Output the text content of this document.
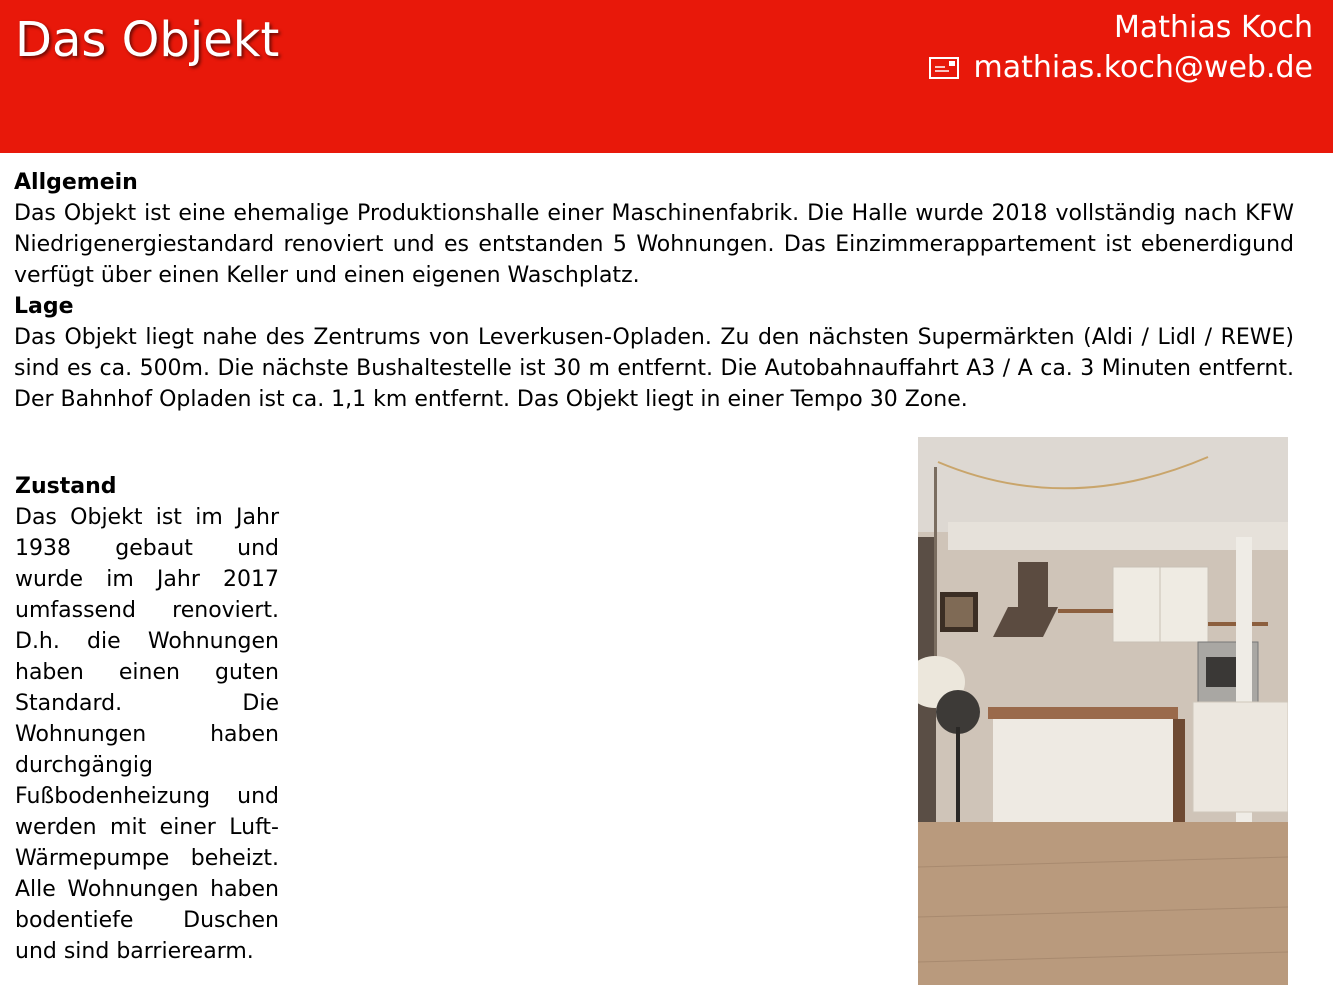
Das Objekt	Mathias Koch
mathias.koch@web.de
Allgemein
Das Objekt ist eine ehemalige Produktionshalle einer Maschinenfabrik. Die Halle wurde 2018 vollständig nach KFW Niedrigenergiestandard renoviert und es entstanden 5 Wohnungen. Das Einzimmerappartement ist ebenerdigund verfügt über einen Keller und einen eigenen Waschplatz.
Lage
Das Objekt liegt nahe des Zentrums von Leverkusen-Opladen. Zu den nächsten Supermärkten (Aldi / Lidl / REWE) sind es ca. 500m. Die nächste Bushaltestelle ist 30 m entfernt. Die Autobahnauffahrt A3 / A ca. 3 Minuten entfernt. Der Bahnhof Opladen ist ca. 1,1 km entfernt. Das Objekt liegt in einer Tempo 30 Zone.
Zustand
Das Objekt ist im Jahr 1938 gebaut und wurde im Jahr 2017 umfassend renoviert. D.h. die Wohnungen haben einen guten Standard. Die Wohnungen haben durchgängig Fußbodenheizung und werden mit einer Luft-Wärmepumpe beheizt. Alle Wohnungen haben bodentiefe Duschen und sind barrierearm.
